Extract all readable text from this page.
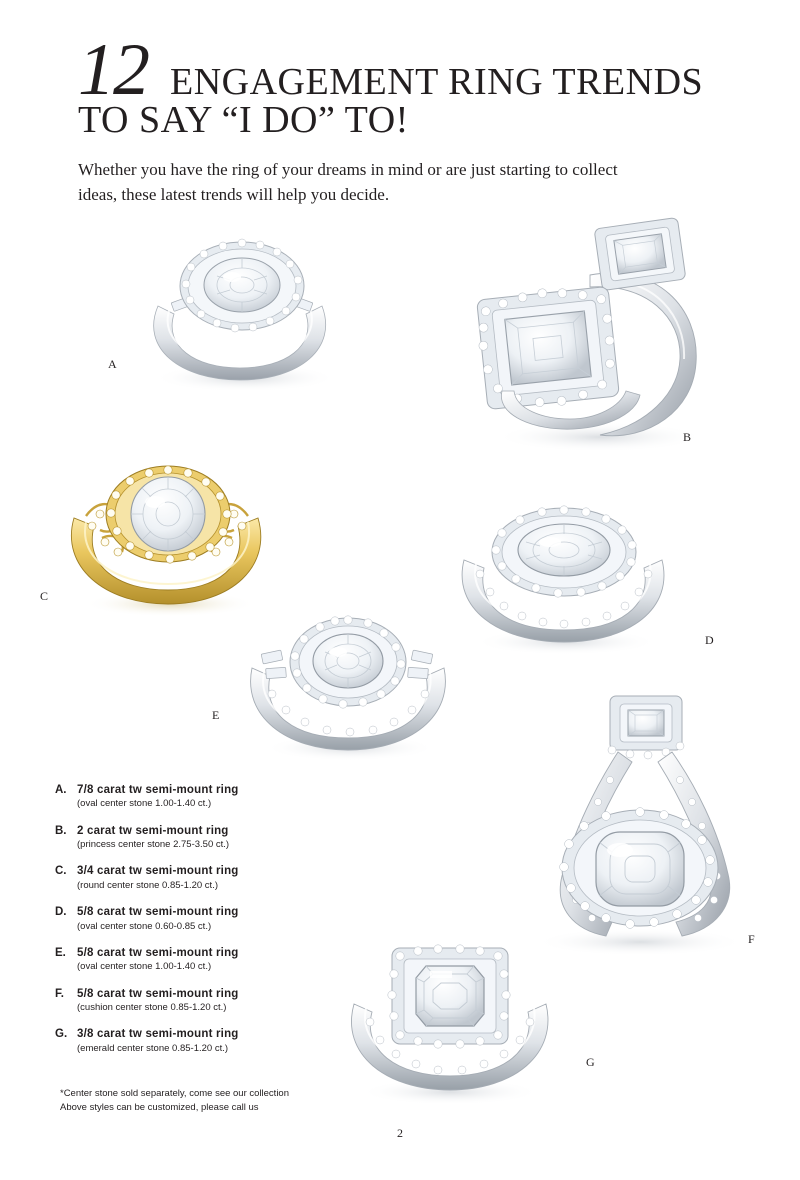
12 ENGAGEMENT RING TRENDS
TO SAY “I DO” TO!
Whether you have the ring of your dreams in mind or are just starting to collect ideas, these latest trends will help you decide.
A
B
C
D
E
F
G
A. 7/8 carat tw semi-mount ring
(oval center stone 1.00-1.40 ct.)
B. 2 carat tw semi-mount ring
(princess center stone 2.75-3.50 ct.)
C. 3/4 carat tw semi-mount ring
(round center stone 0.85-1.20 ct.)
D. 5/8 carat tw semi-mount ring
(oval center stone 0.60-0.85 ct.)
E. 5/8 carat tw semi-mount ring
(oval center stone 1.00-1.40 ct.)
F.	5/8 carat tw semi-mount ring
(cushion center stone 0.85-1.20 ct.)
G. 3/8 carat tw semi-mount ring
(emerald center stone 0.85-1.20 ct.)
*Center stone sold separately, come see our collection
Above styles can be customized, please call us
2
